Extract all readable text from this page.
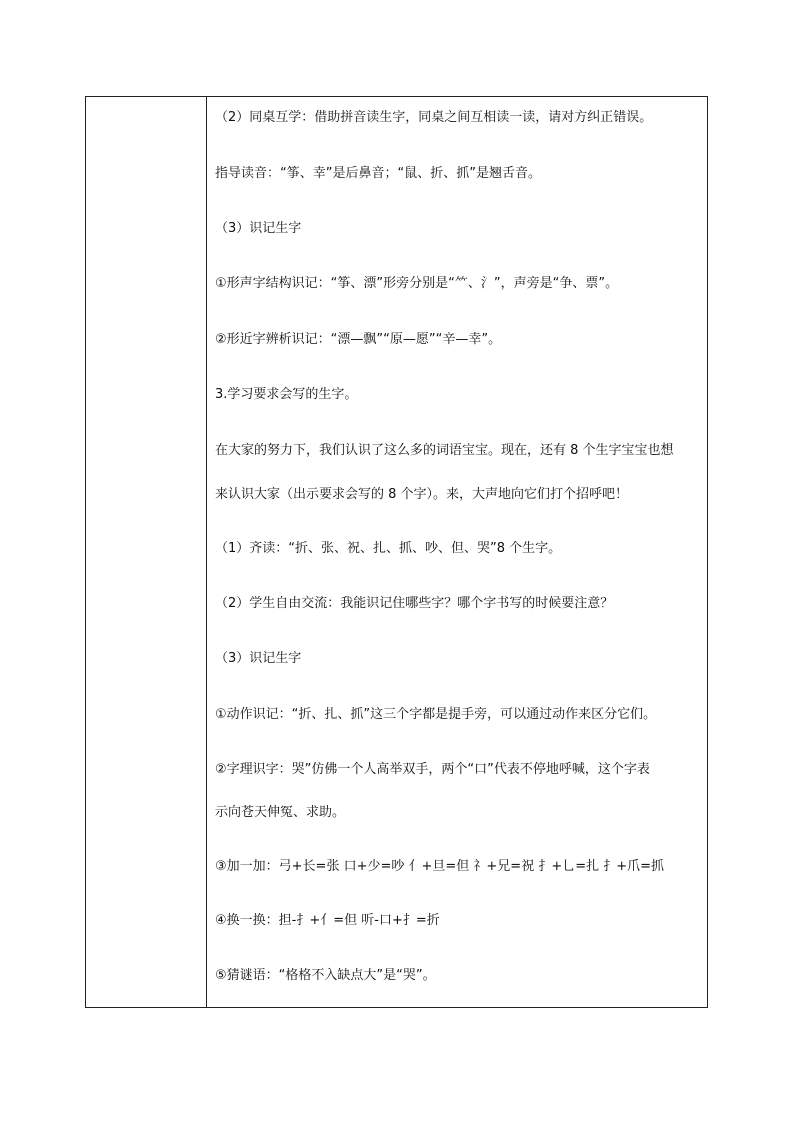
（2）同桌互学：借助拼音读生字，同桌之间互相读一读，请对方纠正错误。
指导读音：“筝、幸”是后鼻音；“鼠、折、抓”是翘舌音。
（3）识记生字
①形声字结构识记：“筝、漂”形旁分别是“⺮、氵”，声旁是“争、票”。
②形近字辨析识记：“漂—飘”“原—愿”“辛—幸”。
3.学习要求会写的生字。
在大家的努力下，我们认识了这么多的词语宝宝。现在，还有 8 个生字宝宝也想
来认识大家（出示要求会写的 8 个字）。来，大声地向它们打个招呼吧！
（1）齐读：“折、张、祝、扎、抓、吵、但、哭”8 个生字。
（2）学生自由交流：我能识记住哪些字？哪个字书写的时候要注意？
（3）识记生字
①动作识记：“折、扎、抓”这三个字都是提手旁，可以通过动作来区分它们。
②字理识字：哭”仿佛一个人高举双手，两个“口”代表不停地呼喊，这个字表
示向苍天伸冤、求助。
③加一加：弓+长=张 口+少=吵 亻+旦=但 礻+兄=祝 扌+乚=扎 扌+爪=抓
④换一换：担-扌+亻=但 听-口+扌=折
⑤猜谜语：“格格不入缺点大”是“哭”。
